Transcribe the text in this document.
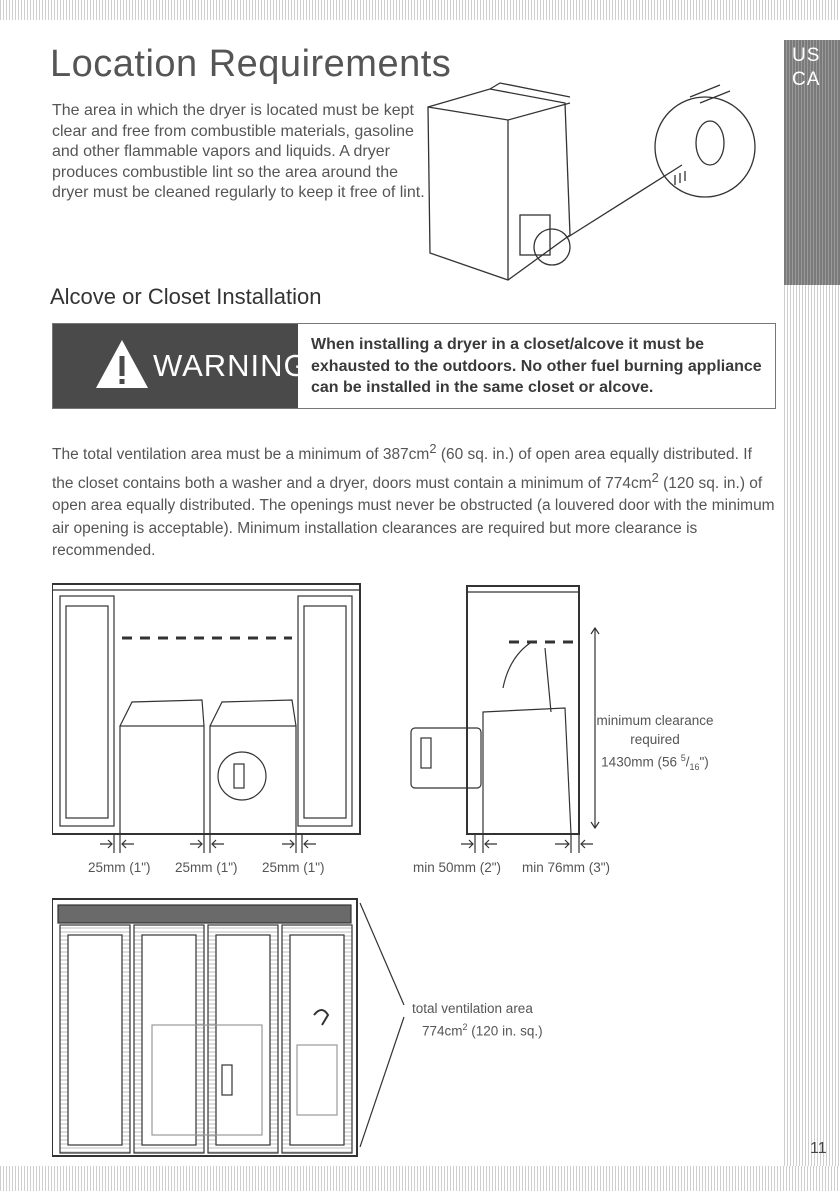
US
CA
Location Requirements

The area in which the dryer is located must be kept clear and free from combustible materials, gasoline and other flammable vapors and liquids. A dryer produces combustible lint so the area around the dryer must be cleaned regularly to keep it free of lint.

Alcove or Closet Installation
WARNING

When installing a dryer in a closet/alcove it must be exhausted to the outdoors. No other fuel burning appliance can be installed in the same closet or alcove.

The total ventilation area must be a minimum of $387cm^2$ (60 sq. in.) of open area equally distributed. If the closet contains both a washer and a dryer, doors must contain a minimum of $774cm^2$ (120 sq. in.) of open area equally distributed. The openings must never be obstructed (a louvered door with the minimum air opening is acceptable). Minimum installation clearances are required but more clearance is recommended.

25mm (1") 25mm (1") 25mm (1")
minimum clearance
required
1430mm (56 $^5/_{16}$")
min 50mm (2") min 76mm (3")
total ventilation area
$774cm^2$ (120 in. sq.)
11
